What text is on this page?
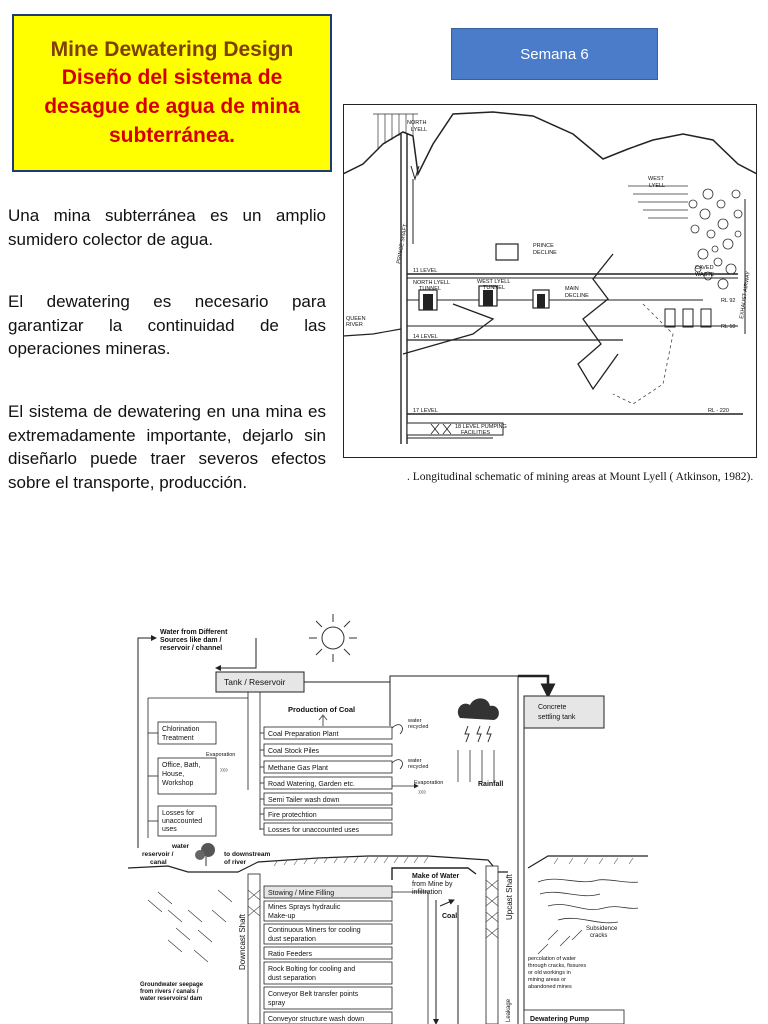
Mine Dewatering Design
Diseño del sistema de
desague de agua de mina
subterránea.
Semana 6

Una mina subterránea es un amplio sumidero colector de agua.

El dewatering es necesario para garantizar la continuidad de las operaciones mineras.

El sistema de dewatering en una mina es extremadamente importante, dejarlo sin diseñarlo puede traer severos efectos sobre el transporte, producción.

NORTH
LYELL
WEST
LYELL
PRINCE SHAFT	PRINCE
DECLINE
CAVED
WASTE	EXHAUST AIRWAY
11 LEVEL
NORTH LYELL
TUNNEL
WEST LYELL
TUNNEL	MAIN
DECLINE
RL 92
QUEEN
RIVER	RL 10
14 LEVEL
17 LEVEL	RL - 220
18 LEVEL PUMPING
FACILITIES
. Longitudinal schematic of mining areas at Mount Lyell ( Atkinson, 1982).
Water from Different
Sources like dam /
reservoir / channel
Tank / Reservoir
Production of Coal
Chlorination
Treatment
Office, Bath,
House,
Workshop
Losses for
unaccounted
uses
Evaporation
⁾⁾⁾⁾
Coal Preparation Plant
Coal Stock Piles
Methane Gas Plant
Road Watering, Garden etc.
Semi Tailer wash down
Fire protechtion
Losses for unaccounted uses
water
recycled
water
recycled
Evaporation
⁾⁾⁾⁾
Rainfall
Concrete
settling tank
water
reservoir /
canal
to downstream
of river
Downcast Shaft
Upcast Shaft
Stowing / Mine Filling
Mines Sprays hydraulic
Make-up
Continuous Miners for cooling
dust separation
Ratio Feeders
Rock Bolting for cooling and
dust separation
Conveyor Belt transfer points
spray
Conveyor structure wash down
Make of Water
from Mine by
infiltration
Coal
Groundwater seepage
from rivers / canals /
water reservoirs/ dam
Subsidence
cracks
percolation of water
through cracks, fissures
or old workings in
mining areas or
abandoned mines
Leakage	Dewatering Pump
